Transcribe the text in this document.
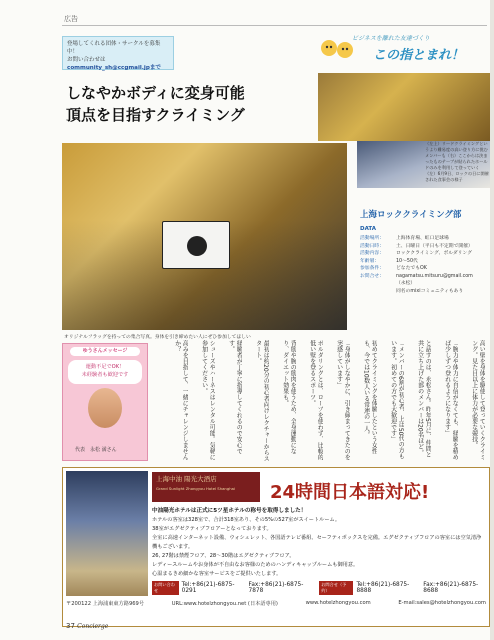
広告
登場してくれる団体・サークルを募集中！
お問い合わせは
community_sh@ccgmail.jpまで
ビジネスを離れた友達づくり
この指とまれ！
しなやかボディに変身可能
頂点を目指すクライミング
（左上）リードクライミングというより難易度の高い登り方に挑むメンバーも（右）ここからは決まったものテープが貼られたホールドのみを利用して登っていく（左）6月9日、ロックの日に開催された食事会の様子
オリジナルフラッグを持っての集合写真。身体を引き締めたい人にぜひ参加してほしい
上海ロッククライミング部
DATA
活動場所：	上海体育場、虹口足球場
活動日時：	土、日曜日（平日も不定期で開催）
活動内容：	ロッククライミング、ボルダリング
年齢層：	10〜50代
参加条件：	どなたでもOK
お問合せ：	nagamatsu.mitsuru@gmail.com
（永松）
同名のmixiコミュニティもあり
ゆうさんメッセージ
運動不足でOK！
未経験者も歓迎です
代表　永松 満さん	高い壁を身体を駆使して登っていくクライミング。見た目以上に体力が必要な競技。
「腕力や体力に自信がなくても、経験を積めば少しずつ登れるようになります」
と話すのは、永松さん。昨年5月に、仲間と共に立ち上げた部のメンバーは20名ほど。
「メンバーの6割が初心者、上は50代の方もいます。初めての方でも大歓迎です」
初めてクライミングを体験したという女性も、今では10数人いる常連の一人。
「身体がしなやかに、引き締まってきたのを実感しています」
ボルダリングとは、ロープを使わず、比較的低い壁を登るスポーツ。
背筋や腕の筋肉を使うため、全身運動になり、ダイエット効果も。
最初は約20分の初心者向けレクチャーからスタート。
経験者が丁寧に指導してくれるので安心です。
シューズやハーネスはレンタル可能。気軽に参加してください。
高みを目指して、一緒にチャレンジしませんか？
上海中油 陽光大酒店
Grand Sunlight Zhongyou Hotel Shanghai	24時間日本語対応!
中油陽光ホテルは正式に5ツ星ホテルの称号を取得しました！
ホテルの客室は328室で、合計318室あり、その5%の527室がスイートルーム。
38室がエグゼクティブフロアーとなっております。
全室に高速インターネット設備、ウォシュレット、各国語テレビ番組、セーフティボックスを完備。エグゼクティブフロアの客室には空気清浄機もございます。
26, 27階は禁煙フロア、28〜30階はエグゼクティブフロア。
レディースルームやお身体が不自由なお客様のためのハンディキャップルームも御用意。
心温まるきめ細かな客室サービスをご提供いたします。
お問い合わせ
Tel:+86(21)-6875-0291
Fax:+86(21)-6875-7878
お問合せ（予約）
Tel:+86(21)-6875-8888
Fax:+86(21)-6875-8688
〒200122 上海浦東東方路969号	URL:www.hotelzhongyou.net (日本語専用)	www.hotelzhongyou.com	E-mail:sales@hotelzhongyou.com
37 Concierge
